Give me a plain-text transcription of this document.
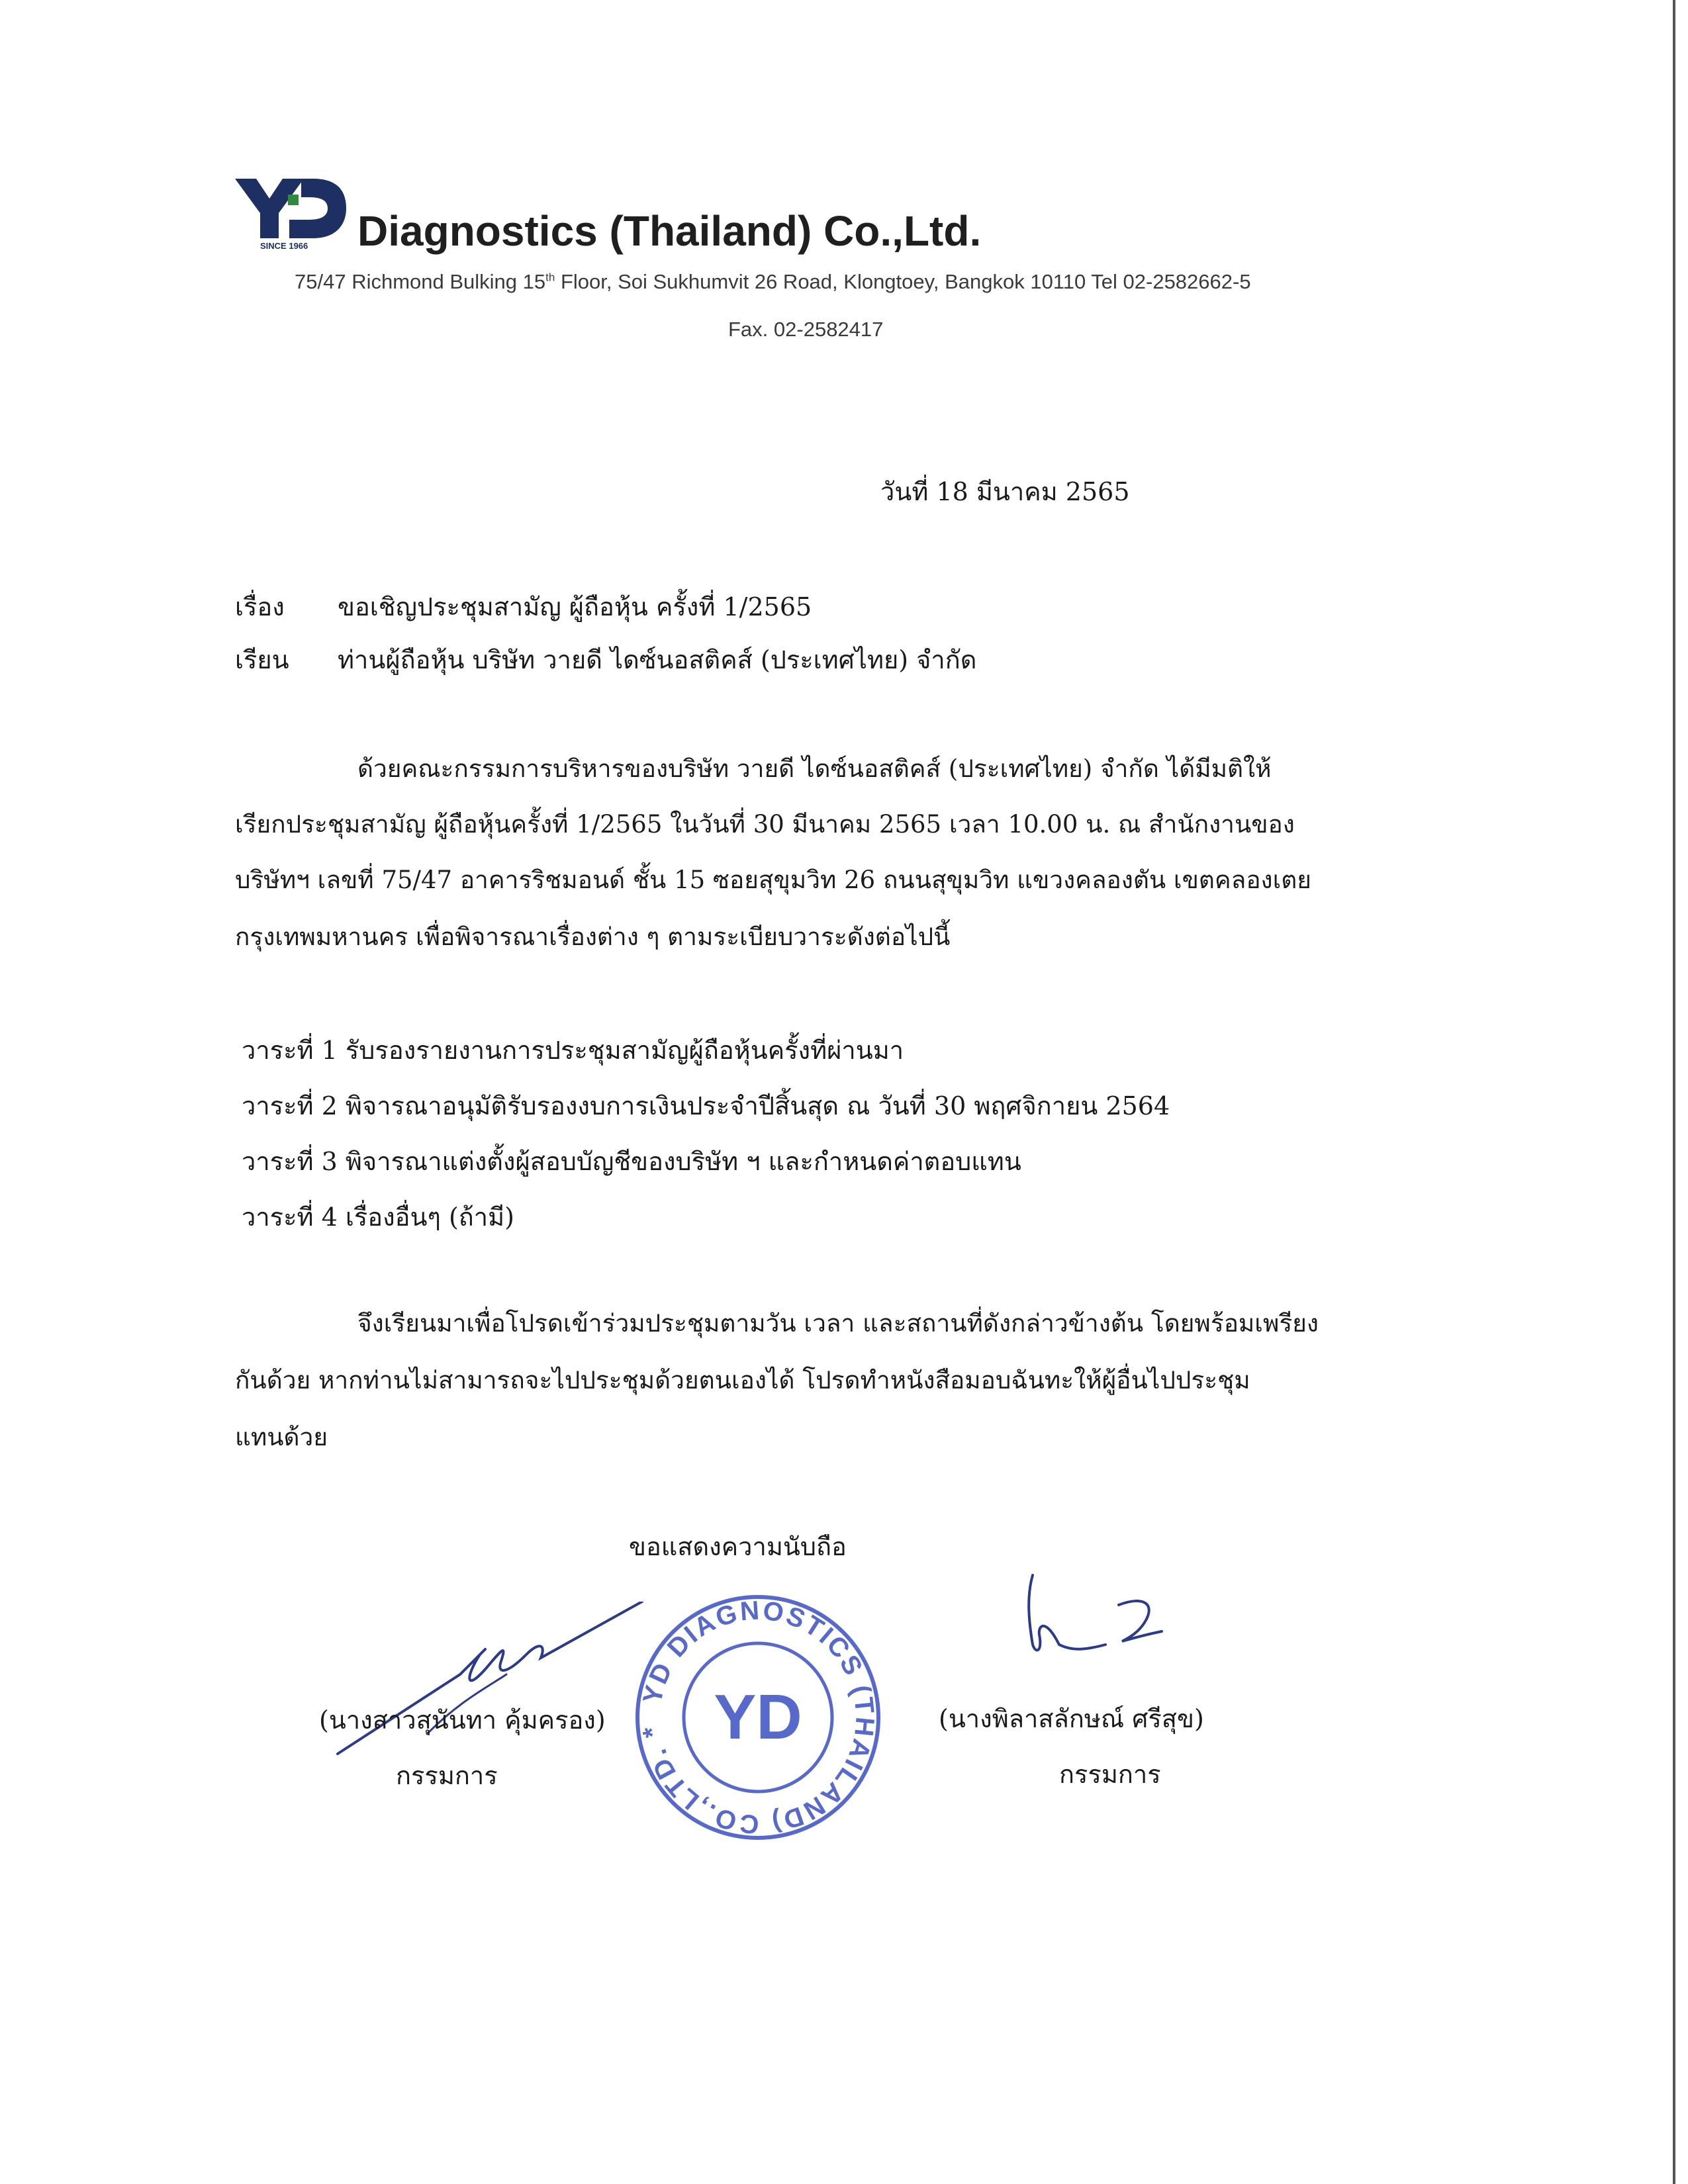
SINCE 1966 Diagnostics (Thailand) Co.,Ltd.
75/47 Richmond Bulking 15th Floor, Soi Sukhumvit 26 Road, Klongtoey, Bangkok 10110 Tel 02-2582662-5
Fax. 02-2582417
วันที่ 18 มีนาคม 2565
เรื่อง ขอเชิญประชุมสามัญ ผู้ถือหุ้น ครั้งที่ 1/2565
เรียน ท่านผู้ถือหุ้น บริษัท วายดี ไดซ์นอสติคส์ (ประเทศไทย) จำกัด
ด้วยคณะกรรมการบริหารของบริษัท วายดี ไดซ์นอสติคส์ (ประเทศไทย) จำกัด ได้มีมติให้
เรียกประชุมสามัญ ผู้ถือหุ้นครั้งที่ 1/2565 ในวันที่ 30 มีนาคม 2565 เวลา 10.00 น. ณ สำนักงานของ
บริษัทฯ เลขที่ 75/47 อาคารริชมอนด์ ชั้น 15 ซอยสุขุมวิท 26 ถนนสุขุมวิท แขวงคลองตัน เขตคลองเตย
กรุงเทพมหานคร เพื่อพิจารณาเรื่องต่าง ๆ ตามระเบียบวาระดังต่อไปนี้
วาระที่ 1 รับรองรายงานการประชุมสามัญผู้ถือหุ้นครั้งที่ผ่านมา
วาระที่ 2 พิจารณาอนุมัติรับรองงบการเงินประจำปีสิ้นสุด ณ วันที่ 30 พฤศจิกายน 2564
วาระที่ 3 พิจารณาแต่งตั้งผู้สอบบัญชีของบริษัท ฯ และกำหนดค่าตอบแทน
วาระที่ 4 เรื่องอื่นๆ (ถ้ามี)
จึงเรียนมาเพื่อโปรดเข้าร่วมประชุมตามวัน เวลา และสถานที่ดังกล่าวข้างต้น โดยพร้อมเพรียง
กันด้วย หากท่านไม่สามารถจะไปประชุมด้วยตนเองได้ โปรดทำหนังสือมอบฉันทะให้ผู้อื่นไปประชุม
แทนด้วย
ขอแสดงความนับถือ
YD DIAGNOSTICS (THAILAND) CO.,LTD. * YD
(นางสาวสุนันทา คุ้มครอง)
กรรมการ
(นางพิลาสลักษณ์ ศรีสุข)
กรรมการ
